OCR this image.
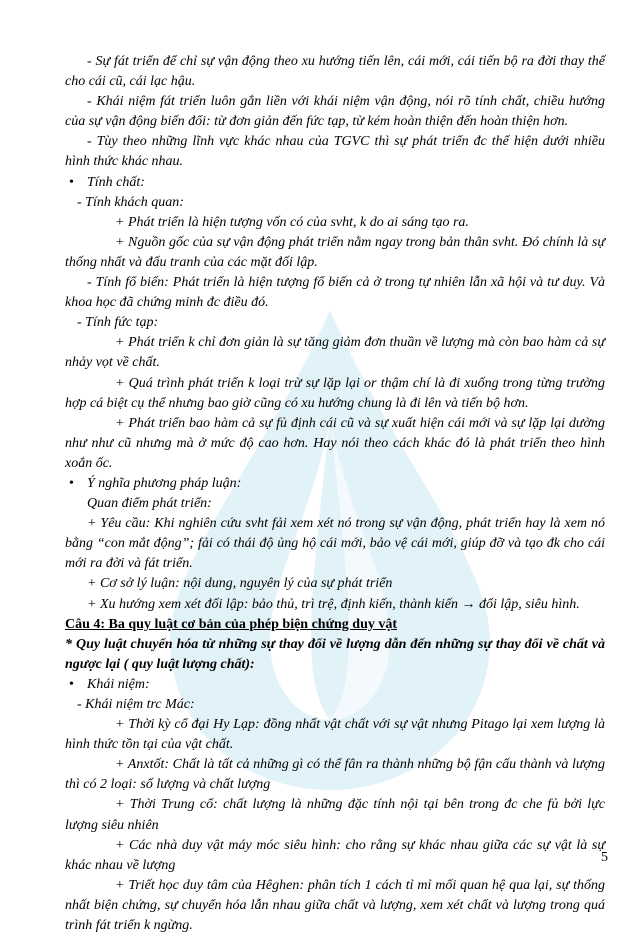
- Sự fát triển để chỉ sự vận động theo xu hướng tiến lên, cái mới, cái tiến bộ ra đời thay thế cho cái cũ, cái lạc hậu.

- Khái niệm fát triển luôn gắn liền với khái niệm vận động, nói rõ tính chất, chiều hướng của sự vận động biến đổi: từ đơn giản đến fức tạp, từ kém hoàn thiện đến hoàn thiện hơn.

- Tùy theo những lĩnh vực khác nhau của TGVC thì sự phát triển đc thể hiện dưới nhiều hình thức khác nhau.

• Tính chất:

- Tính khách quan:

+ Phát triển là hiện tượng vốn có của svht, k do ai sáng tạo ra.

+ Nguồn gốc của sự vận động phát triển nằm ngay trong bản thân svht. Đó chính là sự thống nhất và đấu tranh của các mặt đối lập.

- Tính fổ biến: Phát triển là hiện tượng fổ biến cả ở trong tự nhiên lẫn xã hội và tư duy. Và khoa học đã chứng minh đc điều đó.

- Tính fức tạp:

+ Phát triển k chỉ đơn giản là sự tăng giảm đơn thuần về lượng mà còn bao hàm cả sự nhảy vọt về chất.

+ Quá trình phát triển k loại trừ sự lặp lại or thậm chí là đi xuống trong từng trường hợp cá biệt cụ thể nhưng bao giờ cũng có xu hướng chung là đi lên và tiến bộ hơn.

+ Phát triển bao hàm cả sự fủ định cái cũ và sự xuất hiện cái mới và sự lặp lại dường như như cũ nhưng mà ở mức độ cao hơn. Hay nói theo cách khác đó là phát triển theo hình xoắn ốc.

• Ý nghĩa phương pháp luận:

Quan điểm phát triển:

+ Yêu cầu: Khi nghiên cứu svht fải xem xét nó trong sự vận động, phát triển hay là xem nó bằng “con mắt động”; fải có thái độ ủng hộ cái mới, bảo vệ cái mới, giúp đỡ và tạo đk cho cái mới ra đời và fát triển.

+ Cơ sở lý luận: nội dung, nguyên lý của sự phát triển

+ Xu hướng xem xét đối lập: bảo thủ, trì trệ, định kiến, thành kiến → đối lập, siêu hình.

Câu 4: Ba quy luật cơ bản của phép biện chứng duy vật

* Quy luật chuyển hóa từ những sự thay đổi về lượng dẫn đến những sự thay đổi về chất và ngược lại ( quy luật lượng chất):

• Khái niệm:

- Khái niệm trc Mác:

+ Thời kỳ cổ đại Hy Lạp: đồng nhất vật chất với sự vật nhưng Pitago lại xem lượng là hình thức tồn tại của vật chất.

+ Anxtốt: Chất là tất cả những gì có thể fân ra thành những bộ fận cấu thành và lượng thì có 2 loại: số lượng và chất lượng

+ Thời Trung cổ: chất lượng là những đặc tính nội tại bên trong đc che fủ bởi lực lượng siêu nhiên

+ Các nhà duy vật máy móc siêu hình: cho rằng sự khác nhau giữa các sự vật là sự khác nhau về lượng

+ Triết học duy tâm của Hêghen: phân tích 1 cách tỉ mỉ mối quan hệ qua lại, sự thống nhất biện chứng, sự chuyển hóa lẫn nhau giữa chất và lượng, xem xét chất và lượng trong quá trình fát triển k ngừng.

5
